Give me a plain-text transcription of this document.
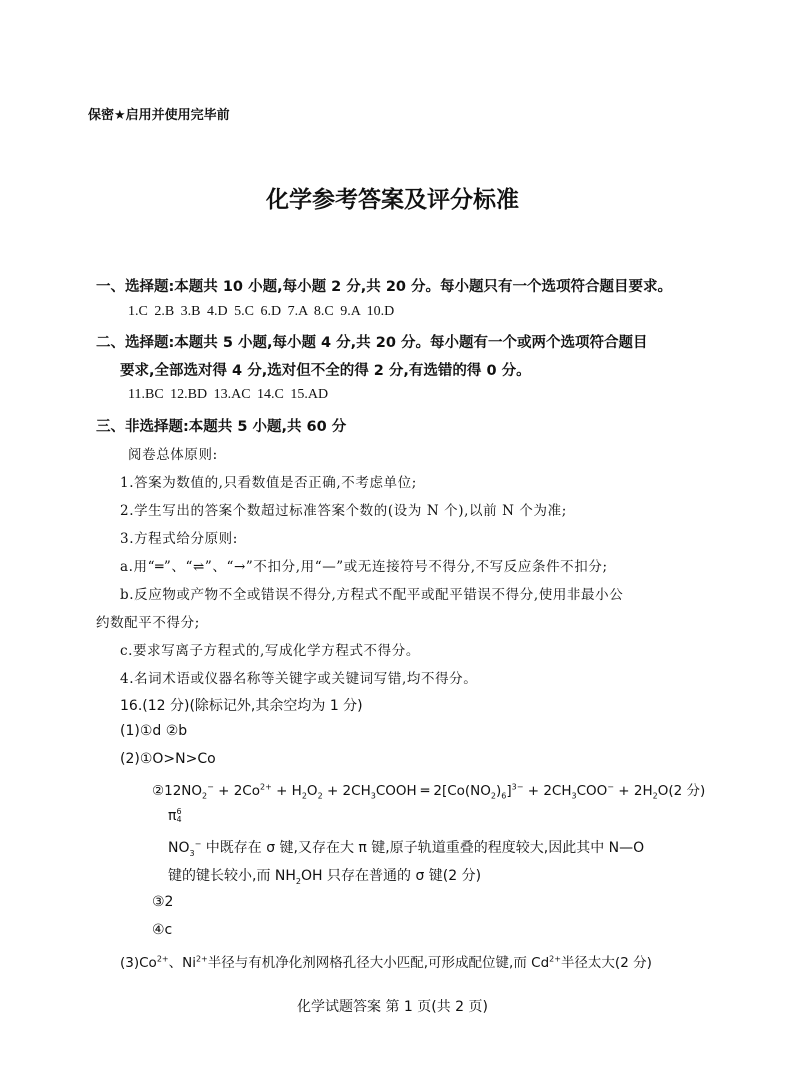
保密★启用并使用完毕前
化学参考答案及评分标准
一、选择题:本题共 10 小题,每小题 2 分,共 20 分。每小题只有一个选项符合题目要求。
1.C 2.B 3.B 4.D 5.C 6.D 7.A 8.C 9.A 10.D
二、选择题:本题共 5 小题,每小题 4 分,共 20 分。每小题有一个或两个选项符合题目
要求,全部选对得 4 分,选对但不全的得 2 分,有选错的得 0 分。
11.BC 12.BD 13.AC 14.C 15.AD
三、非选择题:本题共 5 小题,共 60 分
阅卷总体原则:
1.答案为数值的,只看数值是否正确,不考虑单位;
2.学生写出的答案个数超过标准答案个数的(设为 N 个),以前 N 个为准;
3.方程式给分原则:
a.用“═”、“⇌”、“→”不扣分,用“—”或无连接符号不得分,不写反应条件不扣分;
b.反应物或产物不全或错误不得分,方程式不配平或配平错误不得分,使用非最小公
约数配平不得分;
c.要求写离子方程式的,写成化学方程式不得分。
4.名词术语或仪器名称等关键字或关键词写错,均不得分。
16.(12 分)(除标记外,其余空均为 1 分)
(1)①d ②b
(2)①O>N>Co
$②12NO_2^- + 2Co^{2+} + H_2O_2$ + $2CH_3COOH$ ═ $2[Co(NO_2)_6]^{3-} + 2CH_3COO^- + 2H_2O(2$ 分)
π 6
4
$NO_3^-$ 中既存在 σ 键,又存在大 π 键,原子轨道重叠的程度较大,因此其中 N—O
键的键长较小,而 $NH_2OH$ 只存在普通的 σ 键(2 分)
③2
④c
$(3)Co^{2+}$、$Ni^{2+}$半径与有机净化剂网格孔径大小匹配,可形成配位键,而 $Cd^{2+}$半径太大(2 分)
化学试题答案 第 1 页(共 2 页)
